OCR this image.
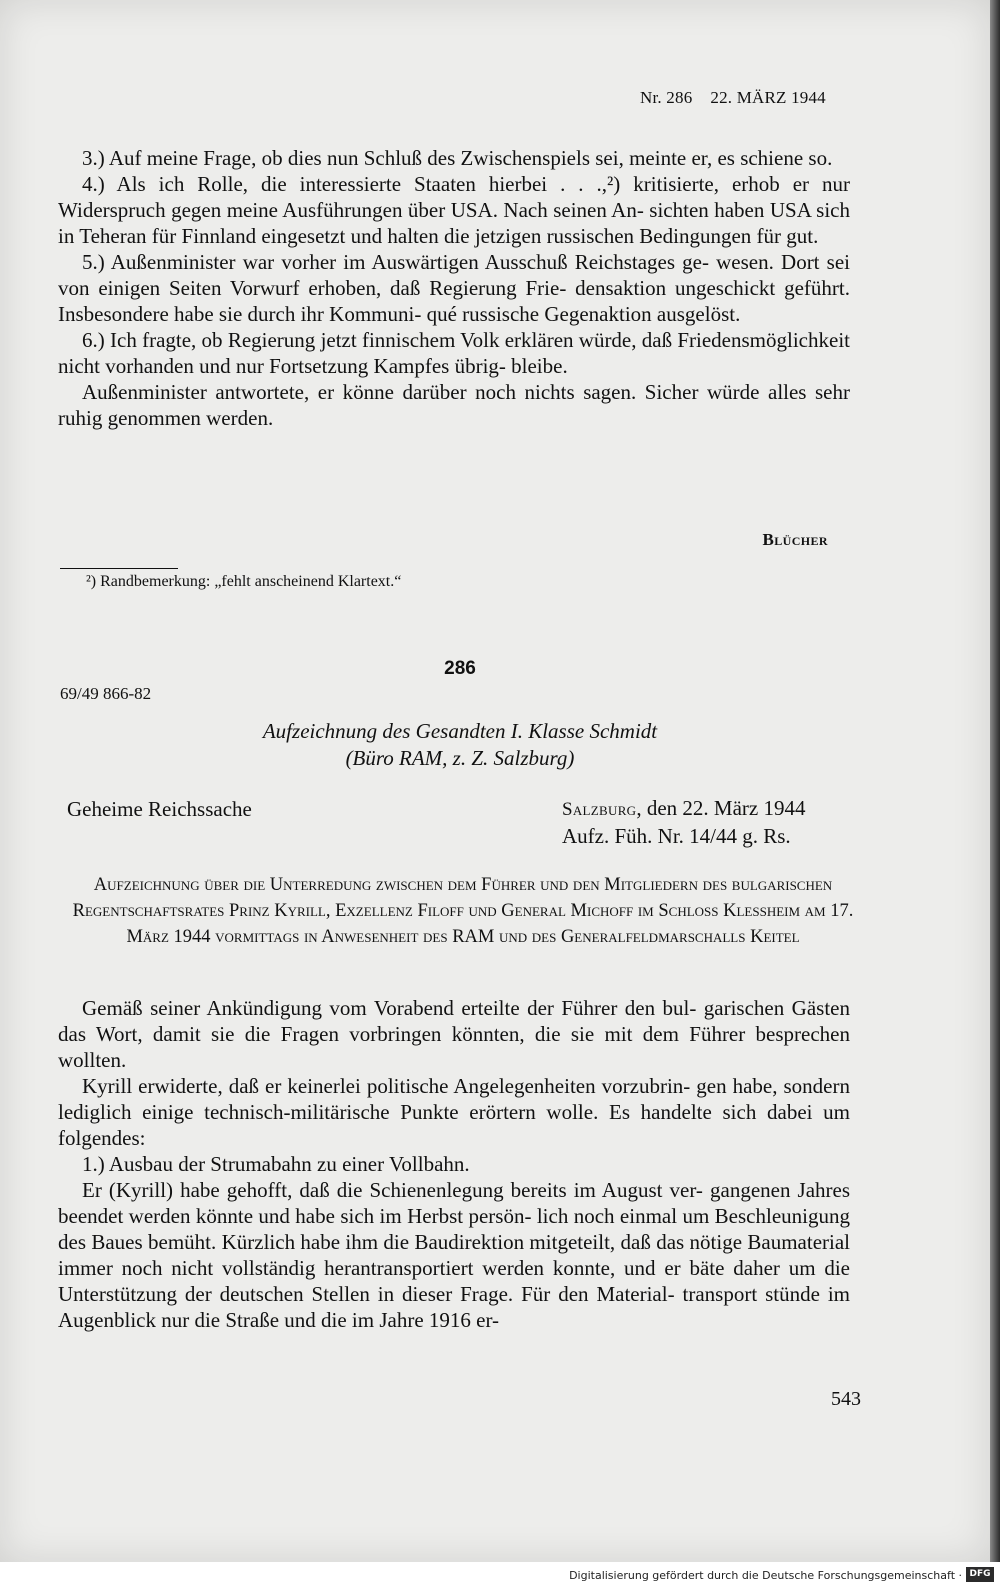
Nr. 286 22. MÄRZ 1944

3.) Auf meine Frage, ob dies nun Schluß des Zwischenspiels sei, meinte er, es schiene so.

4.) Als ich Rolle, die interessierte Staaten hierbei . . .,²) kritisierte, erhob er nur Widerspruch gegen meine Ausführungen über USA. Nach seinen An- sichten haben USA sich in Teheran für Finnland eingesetzt und halten die jetzigen russischen Bedingungen für gut.

5.) Außenminister war vorher im Auswärtigen Ausschuß Reichstages ge- wesen. Dort sei von einigen Seiten Vorwurf erhoben, daß Regierung Frie- densaktion ungeschickt geführt. Insbesondere habe sie durch ihr Kommuni- qué russische Gegenaktion ausgelöst.

6.) Ich fragte, ob Regierung jetzt finnischem Volk erklären würde, daß Friedensmöglichkeit nicht vorhanden und nur Fortsetzung Kampfes übrig- bleibe.

Außenminister antwortete, er könne darüber noch nichts sagen. Sicher würde alles sehr ruhig genommen werden.

Blücher
²) Randbemerkung: „fehlt anscheinend Klartext.“
286
69/49 866-82
Aufzeichnung des Gesandten I. Klasse Schmidt
(Büro RAM, z. Z. Salzburg)
Geheime Reichssache	Salzburg, den 22. März 1944
Aufz. Füh. Nr. 14/44 g. Rs.
Aufzeichnung über die Unterredung zwischen dem Führer und den Mitgliedern des bulgarischen Regentschaftsrates Prinz Kyrill, Exzellenz Filoff und General Michoff im Schloss Klessheim am 17. März 1944 vormittags in Anwesenheit des RAM und des Generalfeldmarschalls Keitel

Gemäß seiner Ankündigung vom Vorabend erteilte der Führer den bul- garischen Gästen das Wort, damit sie die Fragen vorbringen könnten, die sie mit dem Führer besprechen wollten.

Kyrill erwiderte, daß er keinerlei politische Angelegenheiten vorzubrin- gen habe, sondern lediglich einige technisch-militärische Punkte erörtern wolle. Es handelte sich dabei um folgendes:

1.) Ausbau der Strumabahn zu einer Vollbahn.

Er (Kyrill) habe gehofft, daß die Schienenlegung bereits im August ver- gangenen Jahres beendet werden könnte und habe sich im Herbst persön- lich noch einmal um Beschleunigung des Baues bemüht. Kürzlich habe ihm die Baudirektion mitgeteilt, daß das nötige Baumaterial immer noch nicht vollständig herantransportiert werden konnte, und er bäte daher um die Unterstützung der deutschen Stellen in dieser Frage. Für den Material- transport stünde im Augenblick nur die Straße und die im Jahre 1916 er-

543
Digitalisierung gefördert durch die Deutsche Forschungsgemeinschaft · DFG
